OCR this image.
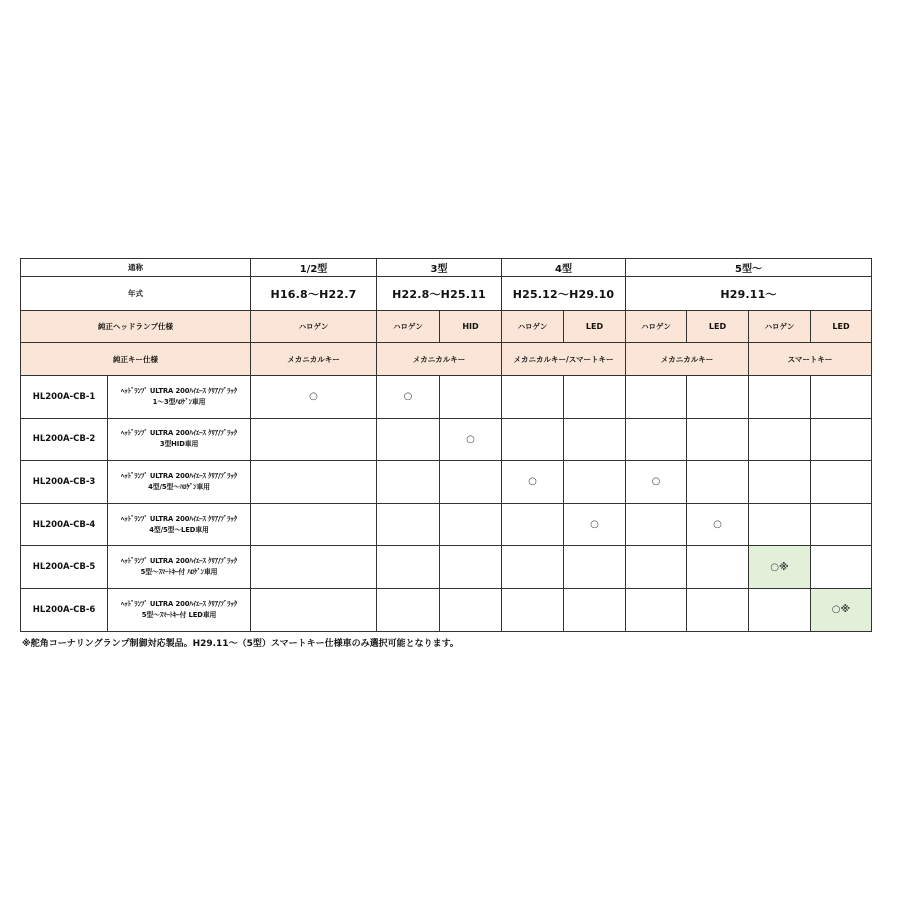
通称		1/2型	3型		4型		5型～			
年式		H16.8～H22.7	H22.8～H25.11		H25.12～H29.10		H29.11～			
純正ヘッドランプ仕様		ハロゲン	ハロゲン	HID	ハロゲン	LED	ハロゲン	LED	ハロゲン	LED
純正キー仕様		メカニカルキー	メカニカルキー		メカニカルキー/スマートキー		メカニカルキー		スマートキー	
HL200A-CB-1	ﾍｯﾄﾞﾗﾝﾌﾟ ULTRA 200ﾊｲｴｰｽ ｸﾘｱ/ﾌﾞﾗｯｸ
1～3型ﾊﾛｹﾞﾝ車用	○	○							
HL200A-CB-2	ﾍｯﾄﾞﾗﾝﾌﾟ ULTRA 200ﾊｲｴｰｽ ｸﾘｱ/ﾌﾞﾗｯｸ
3型HID車用			○						
HL200A-CB-3	ﾍｯﾄﾞﾗﾝﾌﾟ ULTRA 200ﾊｲｴｰｽ ｸﾘｱ/ﾌﾞﾗｯｸ
4型/5型～ﾊﾛｹﾞﾝ車用				○		○			
HL200A-CB-4	ﾍｯﾄﾞﾗﾝﾌﾟ ULTRA 200ﾊｲｴｰｽ ｸﾘｱ/ﾌﾞﾗｯｸ
4型/5型～LED車用					○		○		
HL200A-CB-5	ﾍｯﾄﾞﾗﾝﾌﾟ ULTRA 200ﾊｲｴｰｽ ｸﾘｱ/ﾌﾞﾗｯｸ
5型～ｽﾏｰﾄｷｰ付 ﾊﾛｹﾞﾝ車用								○※	
HL200A-CB-6	ﾍｯﾄﾞﾗﾝﾌﾟ ULTRA 200ﾊｲｴｰｽ ｸﾘｱ/ﾌﾞﾗｯｸ
5型～ｽﾏｰﾄｷｰ付 LED車用									○※
※舵角コーナリングランプ制御対応製品。H29.11～（5型）スマートキー仕様車のみ選択可能となります。
